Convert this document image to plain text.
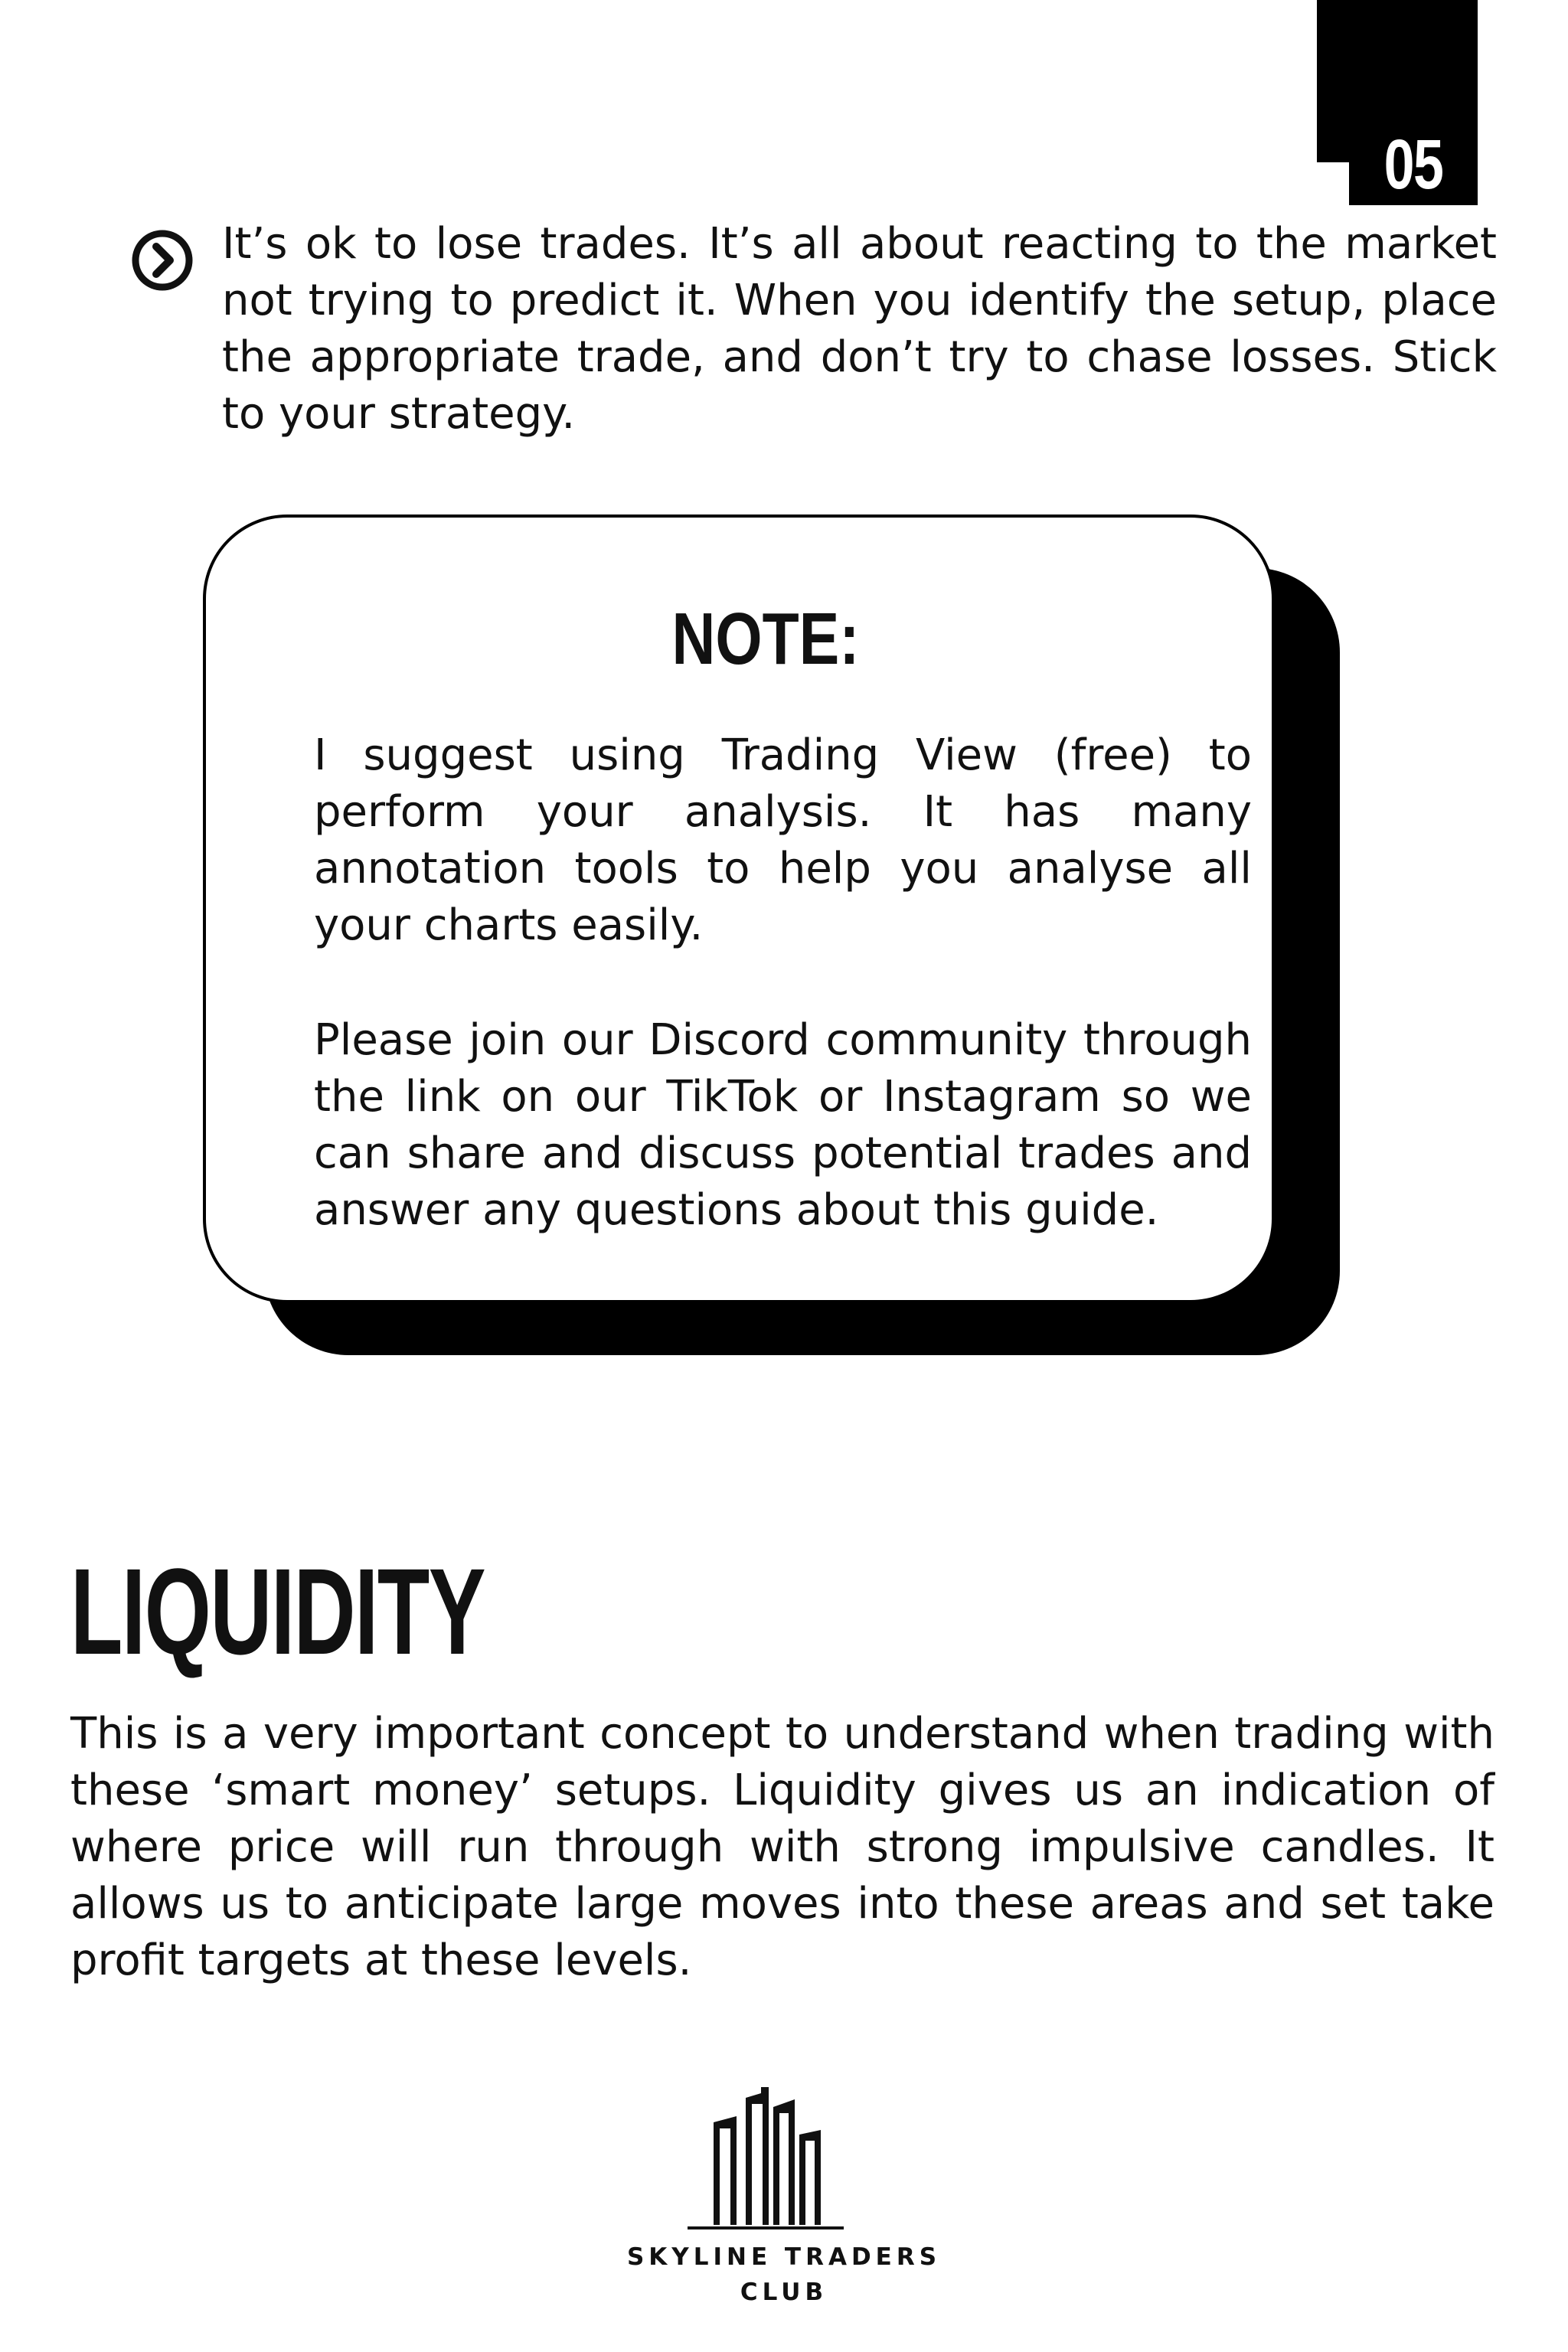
05

It’s ok to lose trades. It’s all about reacting to the market not trying to predict it. When you identify the setup, place the appropriate trade, and don’t try to chase losses. Stick to your strategy.

NOTE:

I suggest using Trading View (free) to perform your analysis. It has many annotation tools to help you analyse all your charts easily.

Please join our Discord community through the link on our TikTok or Instagram so we can share and discuss potential trades and answer any questions about this guide.

LIQUIDITY

This is a very important concept to understand when trading with these ‘smart money’ setups. Liquidity gives us an indication of where price will run through with strong impulsive candles. It allows us to anticipate large moves into these areas and set take profit targets at these levels.

SKYLINE TRADERS
CLUB
